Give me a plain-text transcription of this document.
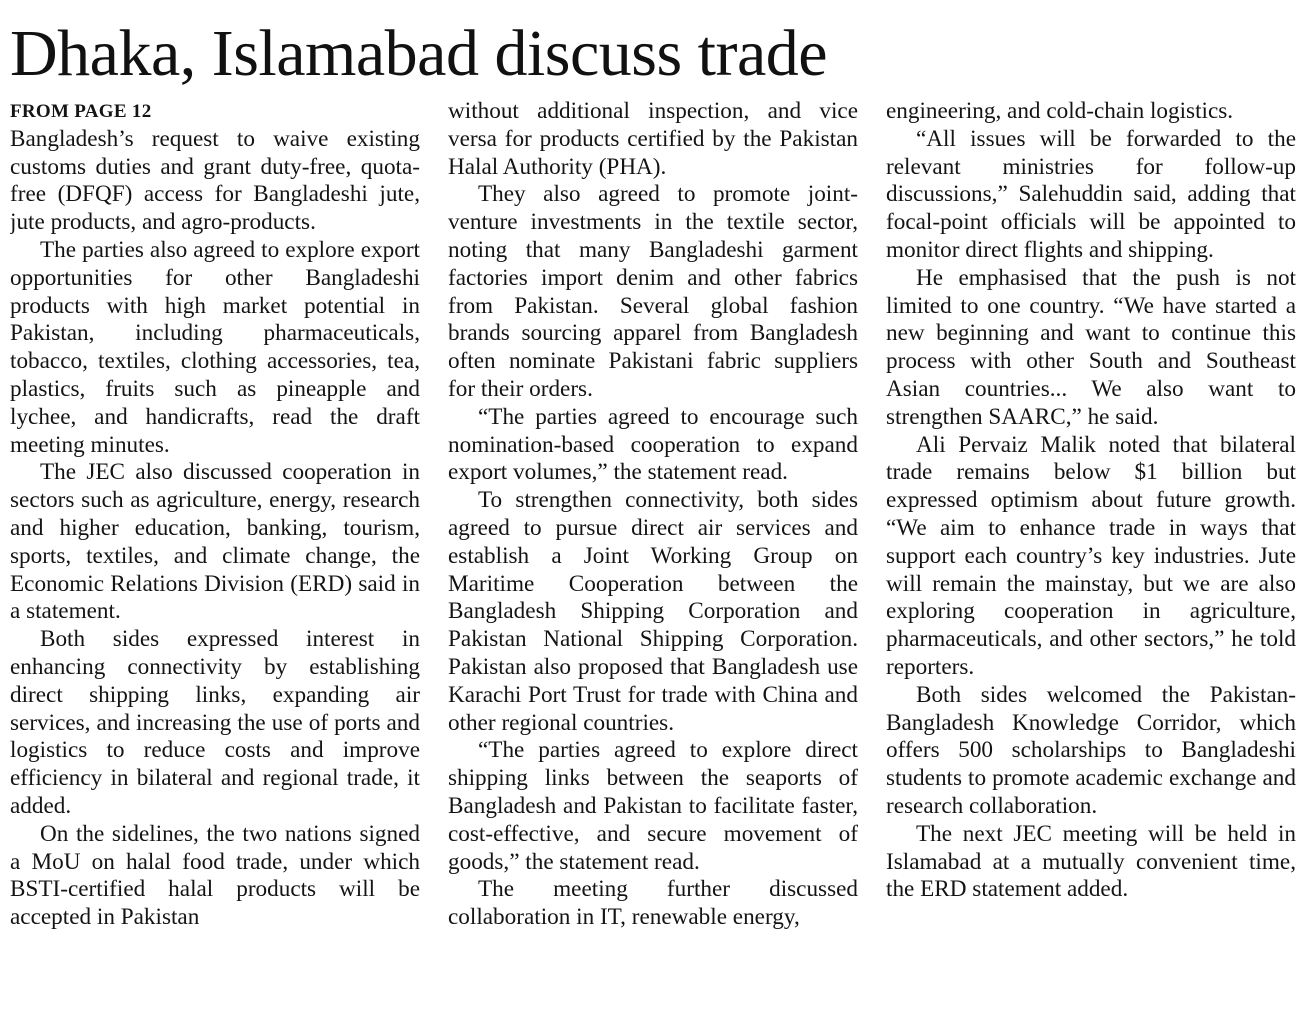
Dhaka, Islamabad discuss trade
FROM PAGE 12

Bangladesh’s request to waive existing customs duties and grant duty-free, quota-free (DFQF) access for Bangladeshi jute, jute products, and agro-products.

The parties also agreed to explore export opportunities for other Bangladeshi products with high market potential in Pakistan, including pharmaceuticals, tobacco, textiles, clothing accessories, tea, plastics, fruits such as pineapple and lychee, and handicrafts, read the draft meeting minutes.

The JEC also discussed cooperation in sectors such as agriculture, energy, research and higher education, banking, tourism, sports, textiles, and climate change, the Economic Relations Division (ERD) said in a statement.

Both sides expressed interest in enhancing connectivity by establishing direct shipping links, expanding air services, and increasing the use of ports and logistics to reduce costs and improve efficiency in bilateral and regional trade, it added.

On the sidelines, the two nations signed a MoU on halal food trade, under which BSTI-certified halal products will be accepted in Pakistan

without additional inspection, and vice versa for products certified by the Pakistan Halal Authority (PHA).

They also agreed to promote joint-venture investments in the textile sector, noting that many Bangladeshi garment factories import denim and other fabrics from Pakistan. Several global fashion brands sourcing apparel from Bangladesh often nominate Pakistani fabric suppliers for their orders.

“The parties agreed to encourage such nomination-based cooperation to expand export volumes,” the statement read.

To strengthen connectivity, both sides agreed to pursue direct air services and establish a Joint Working Group on Maritime Cooperation between the Bangladesh Shipping Corporation and Pakistan National Shipping Corporation. Pakistan also proposed that Bangladesh use Karachi Port Trust for trade with China and other regional countries.

“The parties agreed to explore direct shipping links between the seaports of Bangladesh and Pakistan to facilitate faster, cost-effective, and secure movement of goods,” the statement read.

The meeting further discussed collaboration in IT, renewable energy,

engineering, and cold-chain logistics.

“All issues will be forwarded to the relevant ministries for follow-up discussions,” Salehuddin said, adding that focal-point officials will be appointed to monitor direct flights and shipping.

He emphasised that the push is not limited to one country. “We have started a new beginning and want to continue this process with other South and Southeast Asian countries... We also want to strengthen SAARC,” he said.

Ali Pervaiz Malik noted that bilateral trade remains below $1 billion but expressed optimism about future growth. “We aim to enhance trade in ways that support each country’s key industries. Jute will remain the mainstay, but we are also exploring cooperation in agriculture, pharmaceuticals, and other sectors,” he told reporters.

Both sides welcomed the Pakistan-Bangladesh Knowledge Corridor, which offers 500 scholarships to Bangladeshi students to promote academic exchange and research collaboration.

The next JEC meeting will be held in Islamabad at a mutually convenient time, the ERD statement added.
